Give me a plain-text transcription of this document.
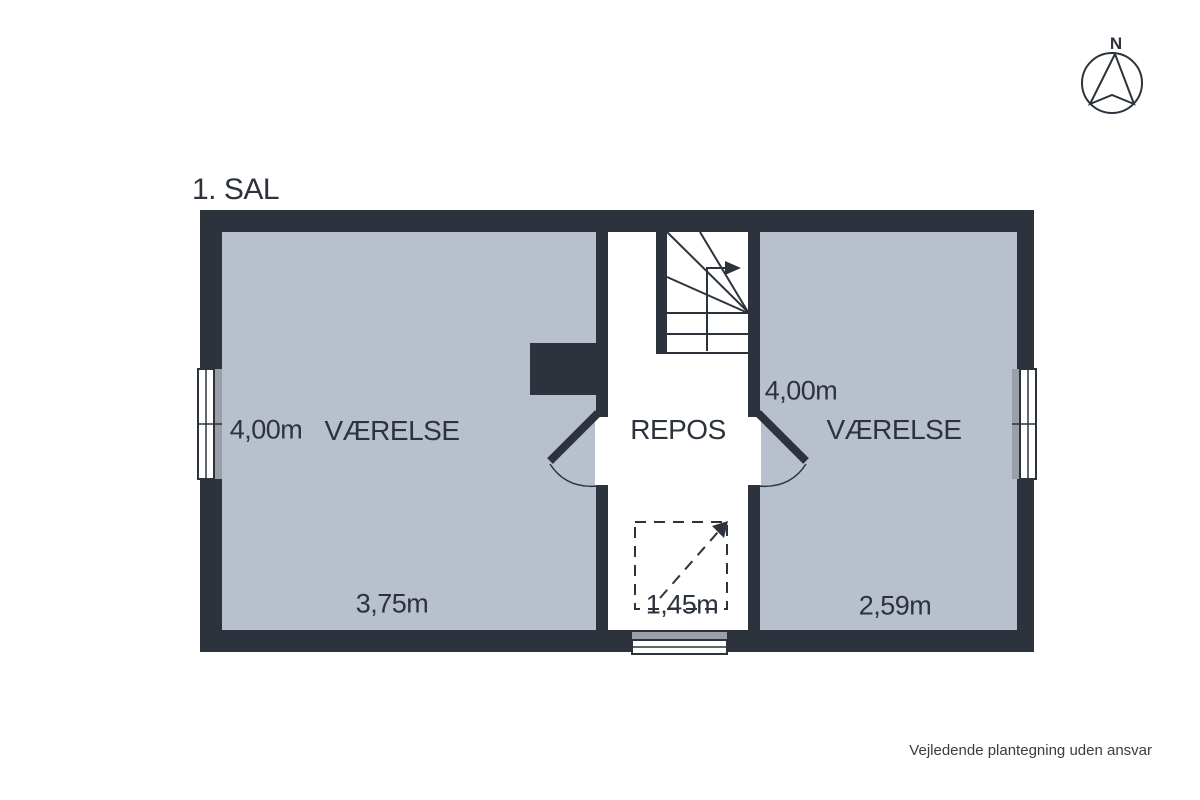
1. SAL
N
VÆRELSE
4,00m
3,75m
REPOS
1,45m
VÆRELSE
4,00m
2,59m
Vejledende plantegning uden ansvar
